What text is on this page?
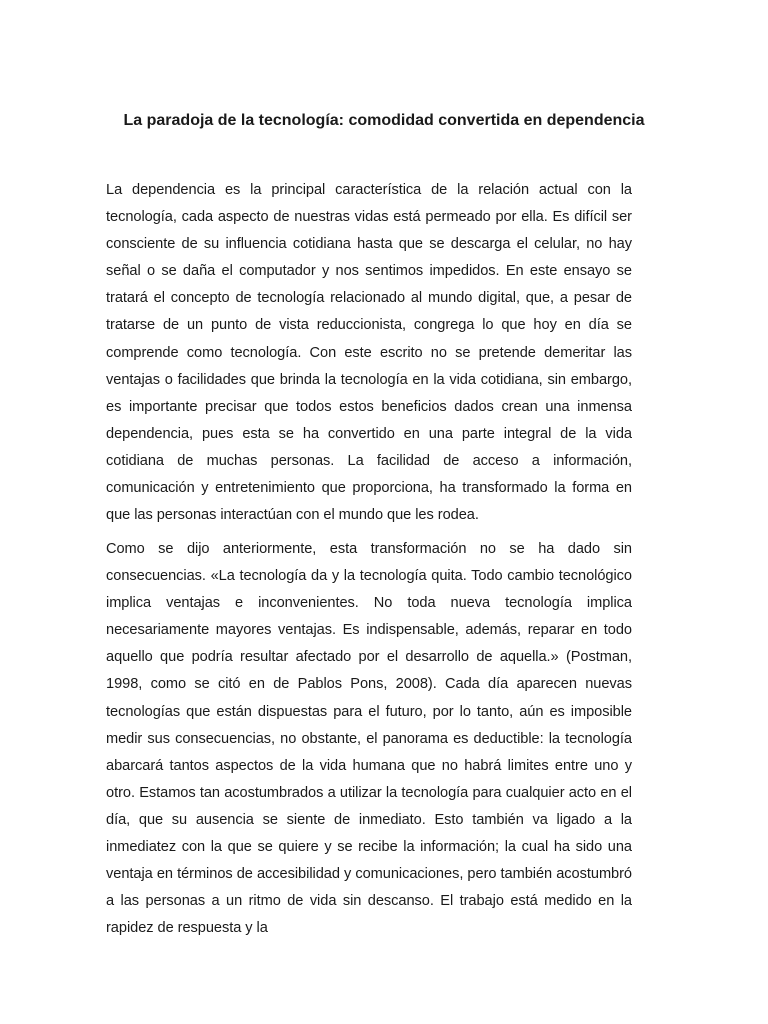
La paradoja de la tecnología: comodidad convertida en dependencia

La dependencia es la principal característica de la relación actual con la tecnología, cada aspecto de nuestras vidas está permeado por ella. Es difícil ser consciente de su influencia cotidiana hasta que se descarga el celular, no hay señal o se daña el computador y nos sentimos impedidos. En este ensayo se tratará el concepto de tecnología relacionado al mundo digital, que, a pesar de tratarse de un punto de vista reduccionista, congrega lo que hoy en día se comprende como tecnología. Con este escrito no se pretende demeritar las ventajas o facilidades que brinda la tecnología en la vida cotidiana, sin embargo, es importante precisar que todos estos beneficios dados crean una inmensa dependencia, pues esta se ha convertido en una parte integral de la vida cotidiana de muchas personas. La facilidad de acceso a información, comunicación y entretenimiento que proporciona, ha transformado la forma en que las personas interactúan con el mundo que les rodea.

Como se dijo anteriormente, esta transformación no se ha dado sin consecuencias. «La tecnología da y la tecnología quita. Todo cambio tecnológico implica ventajas e inconvenientes. No toda nueva tecnología implica necesariamente mayores ventajas. Es indispensable, además, reparar en todo aquello que podría resultar afectado por el desarrollo de aquella.» (Postman, 1998, como se citó en de Pablos Pons, 2008). Cada día aparecen nuevas tecnologías que están dispuestas para el futuro, por lo tanto, aún es imposible medir sus consecuencias, no obstante, el panorama es deductible: la tecnología abarcará tantos aspectos de la vida humana que no habrá limites entre uno y otro. Estamos tan acostumbrados a utilizar la tecnología para cualquier acto en el día, que su ausencia se siente de inmediato. Esto también va ligado a la inmediatez con la que se quiere y se recibe la información; la cual ha sido una ventaja en términos de accesibilidad y comunicaciones, pero también acostumbró a las personas a un ritmo de vida sin descanso. El trabajo está medido en la rapidez de respuesta y la
